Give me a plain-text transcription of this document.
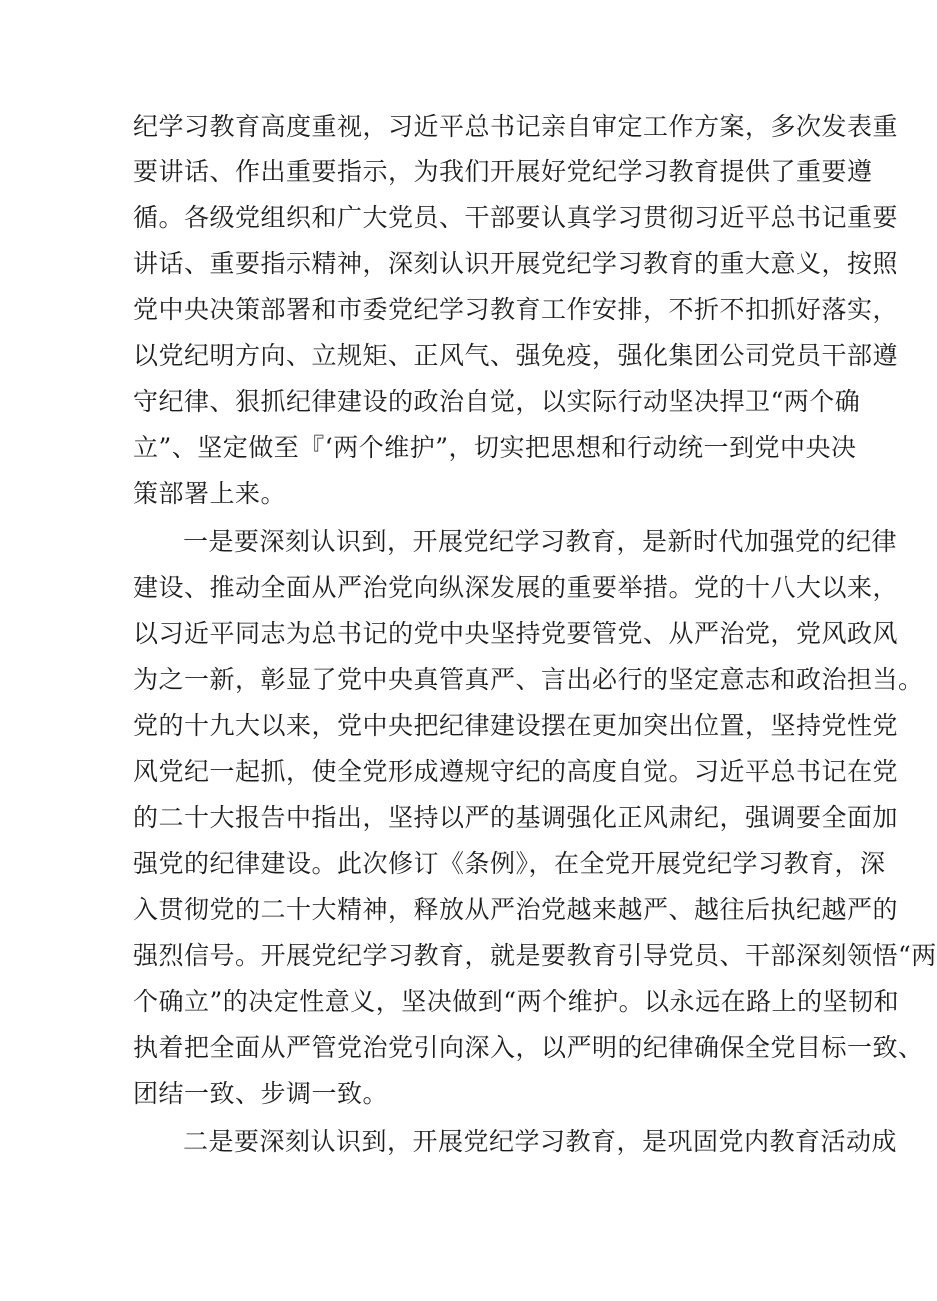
纪学习教育高度重视，习近平总书记亲自审定工作方案，多次发表重
要讲话、作出重要指示，为我们开展好党纪学习教育提供了重要遵
循。各级党组织和广大党员、干部要认真学习贯彻习近平总书记重要
讲话、重要指示精神，深刻认识开展党纪学习教育的重大意义，按照
党中央决策部署和市委党纪学习教育工作安排，不折不扣抓好落实，
以党纪明方向、立规矩、正风气、强免疫，强化集团公司党员干部遵
守纪律、狠抓纪律建设的政治自觉，以实际行动坚决捍卫“两个确
立”、坚定做至『‘两个维护”，切实把思想和行动统一到党中央决
策部署上来。
一是要深刻认识到，开展党纪学习教育，是新时代加强党的纪律
建设、推动全面从严治党向纵深发展的重要举措。党的十八大以来，
以习近平同志为总书记的党中央坚持党要管党、从严治党，党风政风
为之一新，彰显了党中央真管真严、言出必行的坚定意志和政治担当。
党的十九大以来，党中央把纪律建设摆在更加突出位置，坚持党性党
风党纪一起抓，使全党形成遵规守纪的高度自觉。习近平总书记在党
的二十大报告中指出，坚持以严的基调强化正风肃纪，强调要全面加
强党的纪律建设。此次修订《条例》，在全党开展党纪学习教育，深
入贯彻党的二十大精神，释放从严治党越来越严、越往后执纪越严的
强烈信号。开展党纪学习教育，就是要教育引导党员、干部深刻领悟“两
个确立”的决定性意义，坚决做到“两个维护。以永远在路上的坚韧和
执着把全面从严管党治党引向深入，以严明的纪律确保全党目标一致、
团结一致、步调一致。
二是要深刻认识到，开展党纪学习教育，是巩固党内教育活动成
